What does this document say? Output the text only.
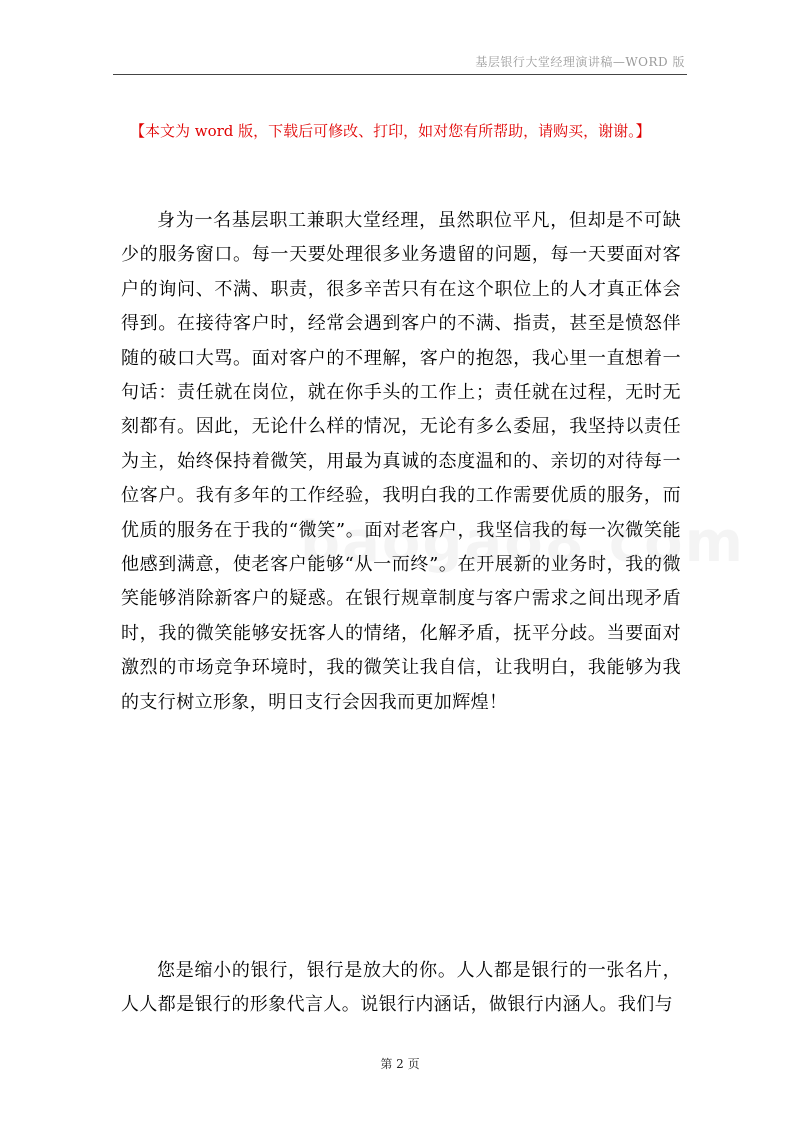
基层银行大堂经理演讲稿—WORD 版
【本文为 word 版，下载后可修改、打印，如对您有所帮助，请购买，谢谢。】

身为一名基层职工兼职大堂经理，虽然职位平凡，但却是不可缺少的服务窗口。每一天要处理很多业务遗留的问题，每一天要面对客户的询问、不满、职责，很多辛苦只有在这个职位上的人才真正体会得到。在接待客户时，经常会遇到客户的不满、指责，甚至是愤怒伴随的破口大骂。面对客户的不理解，客户的抱怨，我心里一直想着一句话：责任就在岗位，就在你手头的工作上；责任就在过程，无时无刻都有。因此，无论什么样的情况，无论有多么委屈，我坚持以责任为主，始终保持着微笑，用最为真诚的态度温和的、亲切的对待每一位客户。我有多年的工作经验，我明白我的工作需要优质的服务，而优质的服务在于我的“微笑”。面对老客户，我坚信我的每一次微笑能他感到满意，使老客户能够“从一而终”。在开展新的业务时，我的微笑能够消除新客户的疑惑。在银行规章制度与客户需求之间出现矛盾时，我的微笑能够安抚客人的情绪，化解矛盾，抚平分歧。当要面对激烈的市场竞争环境时，我的微笑让我自信，让我明白，我能够为我的支行树立形象，明日支行会因我而更加辉煌！

您是缩小的银行，银行是放大的你。人人都是银行的一张名片，人人都是银行的形象代言人。说银行内涵话，做银行内涵人。我们与

第 2 页
